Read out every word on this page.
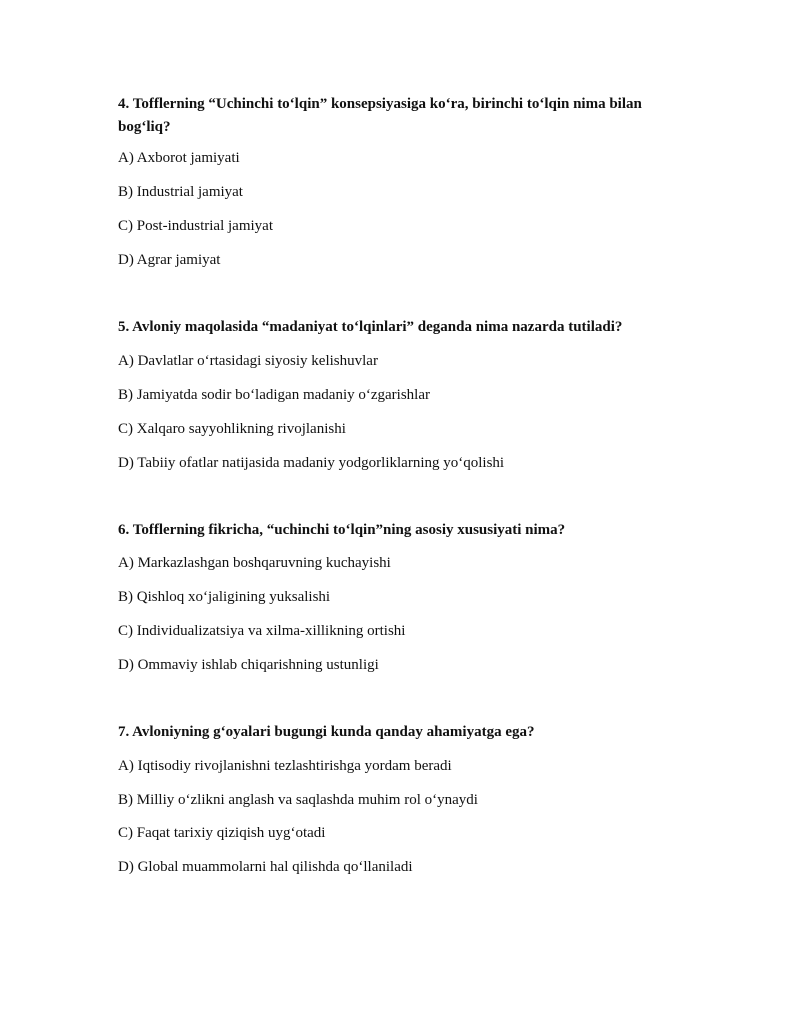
4. Tofflerning “Uchinchi to‘lqin” konsepsiyasiga ko‘ra, birinchi to‘lqin nima bilan bog‘liq?

A) Axborot jamiyati

B) Industrial jamiyat

C) Post-industrial jamiyat

D) Agrar jamiyat

5. Avloniy maqolasida “madaniyat to‘lqinlari” deganda nima nazarda tutiladi?

A) Davlatlar o‘rtasidagi siyosiy kelishuvlar

B) Jamiyatda sodir bo‘ladigan madaniy o‘zgarishlar

C) Xalqaro sayyohlikning rivojlanishi

D) Tabiiy ofatlar natijasida madaniy yodgorliklarning yo‘qolishi

6. Tofflerning fikricha, “uchinchi to‘lqin”ning asosiy xususiyati nima?

A) Markazlashgan boshqaruvning kuchayishi

B) Qishloq xo‘jaligining yuksalishi

C) Individualizatsiya va xilma-xillikning ortishi

D) Ommaviy ishlab chiqarishning ustunligi

7. Avloniyning g‘oyalari bugungi kunda qanday ahamiyatga ega?

A) Iqtisodiy rivojlanishni tezlashtirishga yordam beradi

B) Milliy o‘zlikni anglash va saqlashda muhim rol o‘ynaydi

C) Faqat tarixiy qiziqish uyg‘otadi

D) Global muammolarni hal qilishda qo‘llaniladi
